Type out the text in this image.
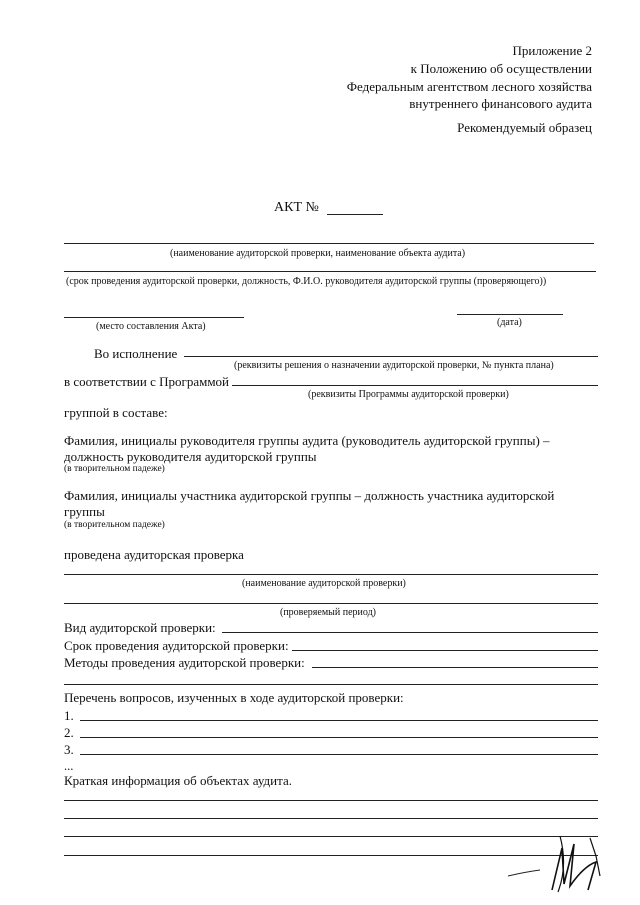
Приложение 2
к Положению об осуществлении
Федеральным агентством лесного хозяйства
внутреннего финансового аудита
Рекомендуемый образец
АКТ №
(наименование аудиторской проверки, наименование объекта аудита)
(срок проведения аудиторской проверки, должность, Ф.И.О. руководителя аудиторской группы (проверяющего))
(место составления Акта)	(дата)
Во исполнение
(реквизиты решения о назначении аудиторской проверки, № пункта плана)
в соответствии с Программой
(реквизиты Программы аудиторской проверки)
группой в составе:
Фамилия, инициалы руководителя группы аудита (руководитель аудиторской группы) –
должность руководителя аудиторской группы
(в творительном падеже)
Фамилия, инициалы участника аудиторской группы – должность участника аудиторской
группы
(в творительном падеже)
проведена аудиторская проверка
(наименование аудиторской проверки)
(проверяемый период)
Вид аудиторской проверки:
Срок проведения аудиторской проверки:
Методы проведения аудиторской проверки:
Перечень вопросов, изученных в ходе аудиторской проверки:
1.
2.
3.
...
Краткая информация об объектах аудита.
